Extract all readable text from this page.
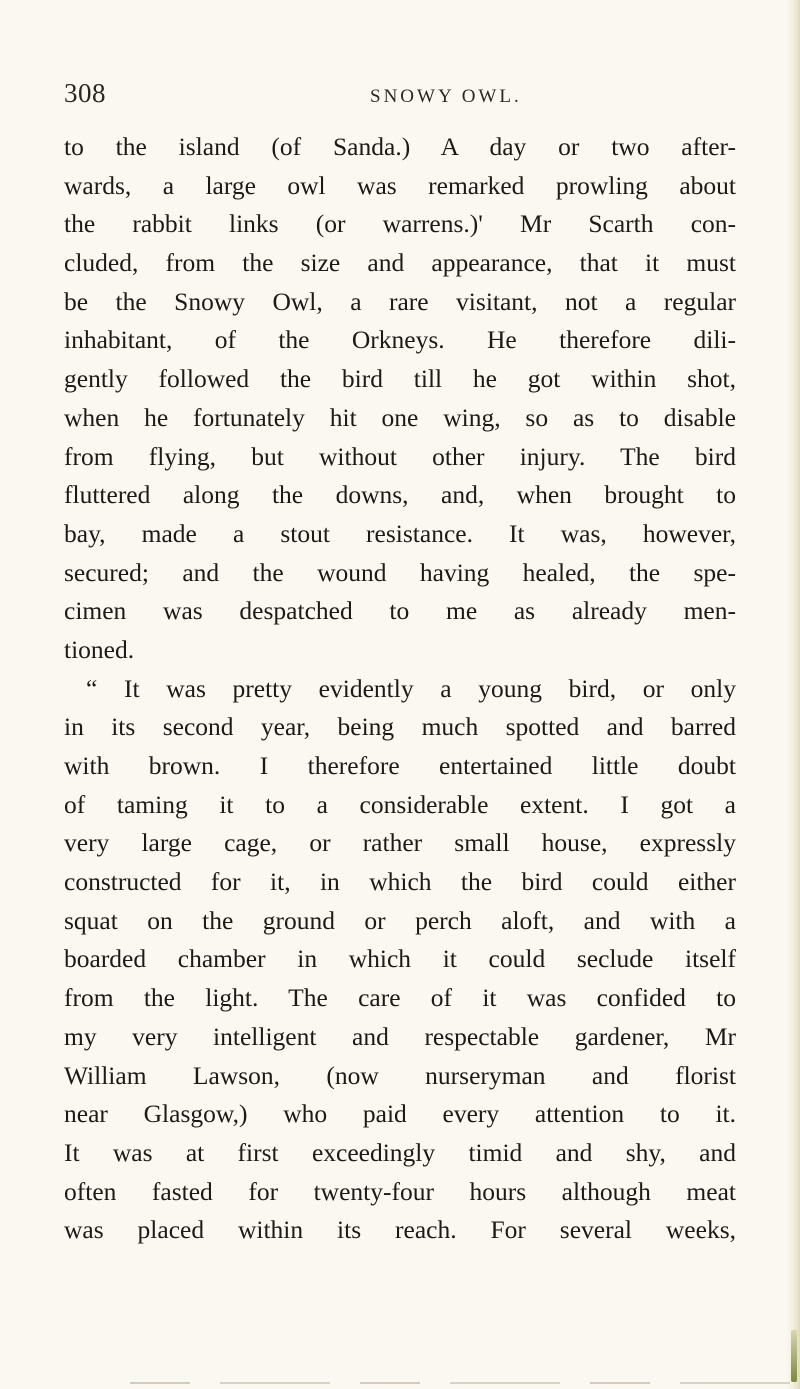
308	SNOWY OWL.
to the island (of Sanda.) A day or two after-
wards, a large owl was remarked prowling about
the rabbit links (or warrens.)' Mr Scarth con-
cluded, from the size and appearance, that it must
be the Snowy Owl, a rare visitant, not a regular
inhabitant, of the Orkneys. He therefore dili-
gently followed the bird till he got within shot,
when he fortunately hit one wing, so as to disable
from flying, but without other injury. The bird
fluttered along the downs, and, when brought to
bay, made a stout resistance. It was, however,
secured; and the wound having healed, the spe-
cimen was despatched to me as already men-
tioned.
“ It was pretty evidently a young bird, or only
in its second year, being much spotted and barred
with brown. I therefore entertained little doubt
of taming it to a considerable extent. I got a
very large cage, or rather small house, expressly
constructed for it, in which the bird could either
squat on the ground or perch aloft, and with a
boarded chamber in which it could seclude itself
from the light. The care of it was confided to
my very intelligent and respectable gardener, Mr
William Lawson, (now nurseryman and florist
near Glasgow,) who paid every attention to it.
It was at first exceedingly timid and shy, and
often fasted for twenty-four hours although meat
was placed within its reach. For several weeks,
